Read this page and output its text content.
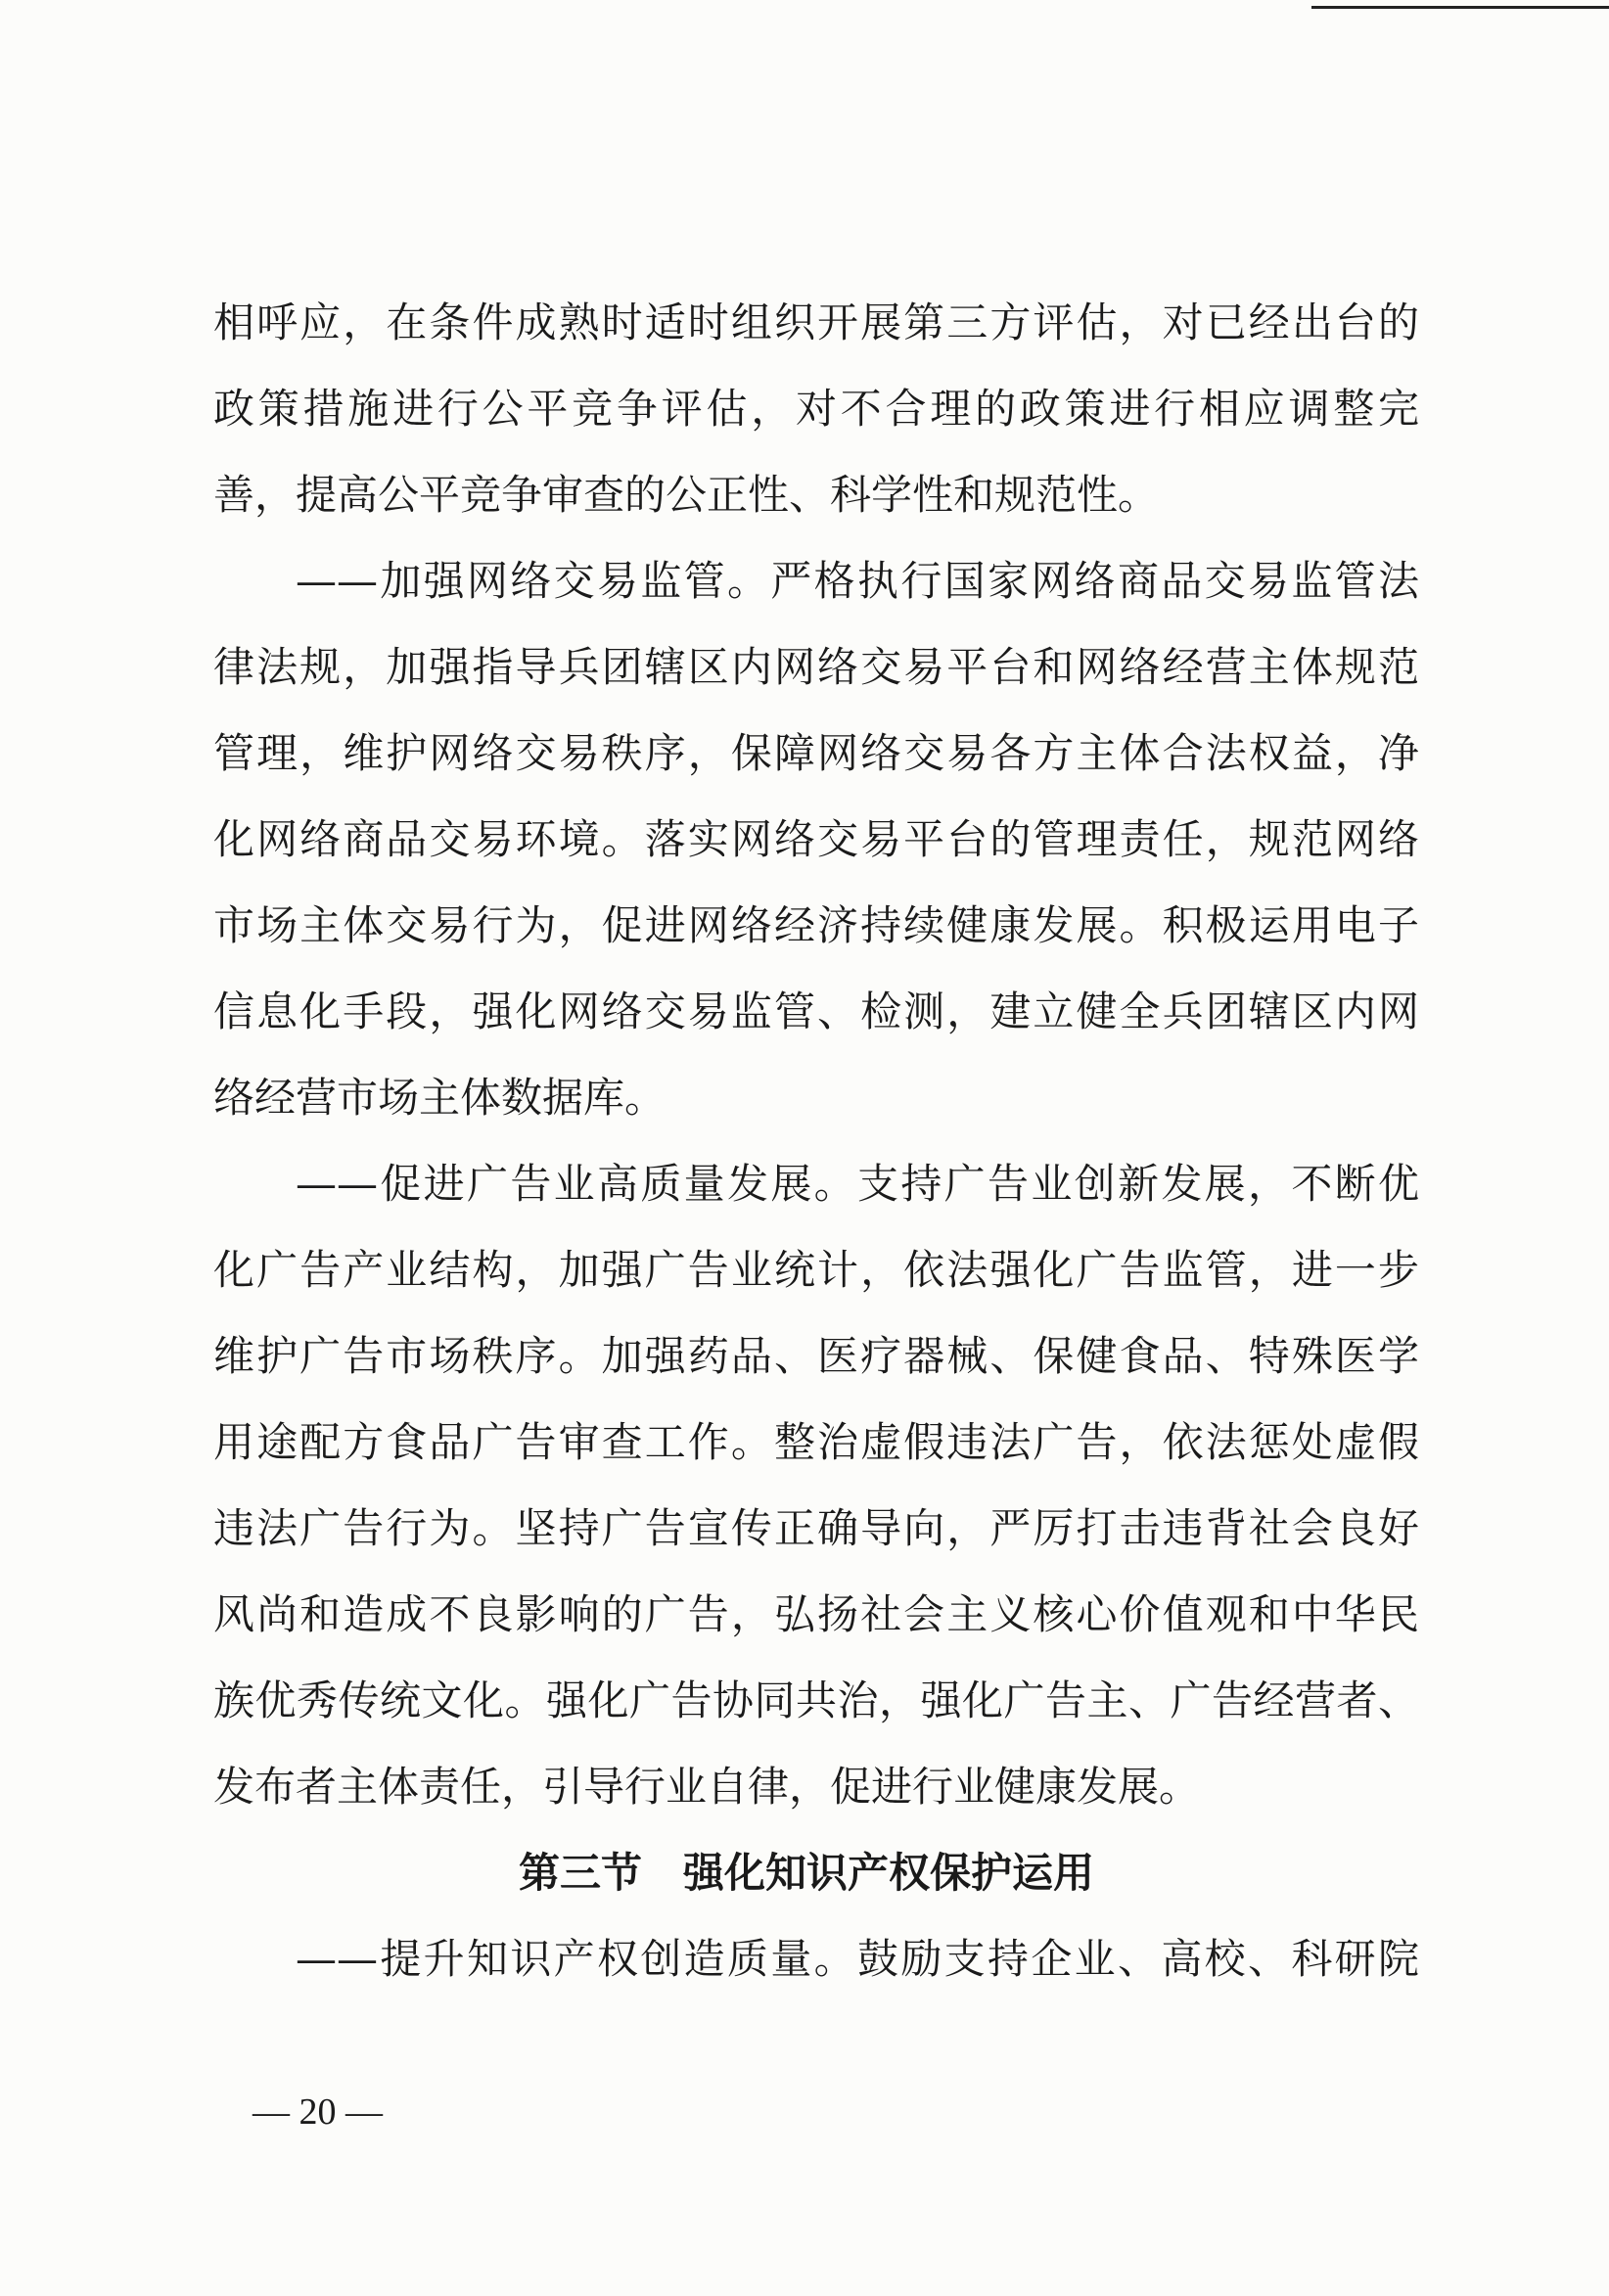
相呼应，在条件成熟时适时组织开展第三方评估，对已经出台的
政策措施进行公平竞争评估，对不合理的政策进行相应调整完
善，提高公平竞争审查的公正性、科学性和规范性。
——加强网络交易监管。严格执行国家网络商品交易监管法
律法规，加强指导兵团辖区内网络交易平台和网络经营主体规范
管理，维护网络交易秩序，保障网络交易各方主体合法权益，净
化网络商品交易环境。落实网络交易平台的管理责任，规范网络
市场主体交易行为，促进网络经济持续健康发展。积极运用电子
信息化手段，强化网络交易监管、检测，建立健全兵团辖区内网
络经营市场主体数据库。
——促进广告业高质量发展。支持广告业创新发展，不断优
化广告产业结构，加强广告业统计，依法强化广告监管，进一步
维护广告市场秩序。加强药品、医疗器械、保健食品、特殊医学
用途配方食品广告审查工作。整治虚假违法广告，依法惩处虚假
违法广告行为。坚持广告宣传正确导向，严厉打击违背社会良好
风尚和造成不良影响的广告，弘扬社会主义核心价值观和中华民
族优秀传统文化。强化广告协同共治，强化广告主、广告经营者、
发布者主体责任，引导行业自律，促进行业健康发展。
第三节　强化知识产权保护运用
——提升知识产权创造质量。鼓励支持企业、高校、科研院
— 20 —
